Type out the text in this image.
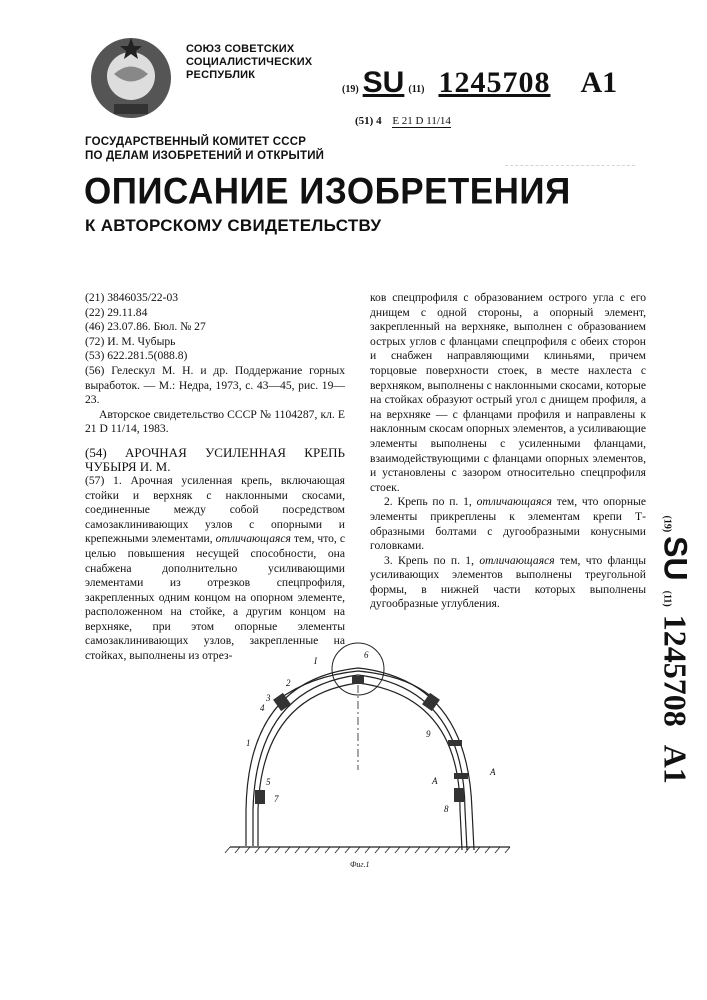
СОЮЗ СОВЕТСКИХ
СОЦИАЛИСТИЧЕСКИХ
РЕСПУБЛИК
(19) SU (11) 1245708 A1
(51) 4 E 21 D 11/14
ГОСУДАРСТВЕННЫЙ КОМИТЕТ СССР
ПО ДЕЛАМ ИЗОБРЕТЕНИЙ И ОТКРЫТИЙ
ОПИСАНИЕ ИЗОБРЕТЕНИЯ
К АВТОРСКОМУ СВИДЕТЕЛЬСТВУ

(21) 3846035/22-03

(22) 29.11.84

(46) 23.07.86. Бюл. № 27

(72) И. М. Чубырь

(53) 622.281.5(088.8)

(56) Гелескул М. Н. и др. Поддержание горных выработок. — М.: Недра, 1973, с. 43—45, рис. 19—23.

Авторское свидетельство СССР № 1104287, кл. E 21 D 11/14, 1983.

(54) АРОЧНАЯ УСИЛЕННАЯ КРЕПЬ ЧУБЫРЯ И. М.

(57) 1. Арочная усиленная крепь, включающая стойки и верхняк с наклонными скосами, соединенные между собой посредством самозаклинивающих узлов с опорными и крепежными элементами, отличающаяся тем, что, с целью повышения несущей способности, она снабжена дополнительно усиливающими элементами из отрезков спецпрофиля, закрепленных одним концом на опорном элементе, расположенном на стойке, а другим концом на верхняке, при этом опорные элементы самозаклинивающих узлов, закрепленные на стойках, выполнены из отрез-

ков спецпрофиля с образованием острого угла с его днищем с одной стороны, а опорный элемент, закрепленный на верхняке, выполнен с образованием острых углов с фланцами спецпрофиля с обеих сторон и снабжен направляющими клиньями, причем торцовые поверхности стоек, в месте нахлеста с верхняком, выполнены с наклонными скосами, которые на стойках образуют острый угол с днищем профиля, а на верхняке — с фланцами профиля и направлены к наклонным скосам опорных элементов, а усиливающие элементы выполнены с усиленными фланцами, взаимодействующими с фланцами опорных элементов, и установлены с зазором относительно спецпрофиля стоек.

2. Крепь по п. 1, отличающаяся тем, что опорные элементы прикреплены к элементам крепи Т-образными болтами с дугообразными конусными головками.

3. Крепь по п. 1, отличающаяся тем, что фланцы усиливающих элементов выполнены треугольной формы, в нижней части которых выполнены дугообразные углубления.

(19) SU (11) 1245708 A1
I
6
2
3
4
1
5
7
9
A
A
8
Фиг.1
